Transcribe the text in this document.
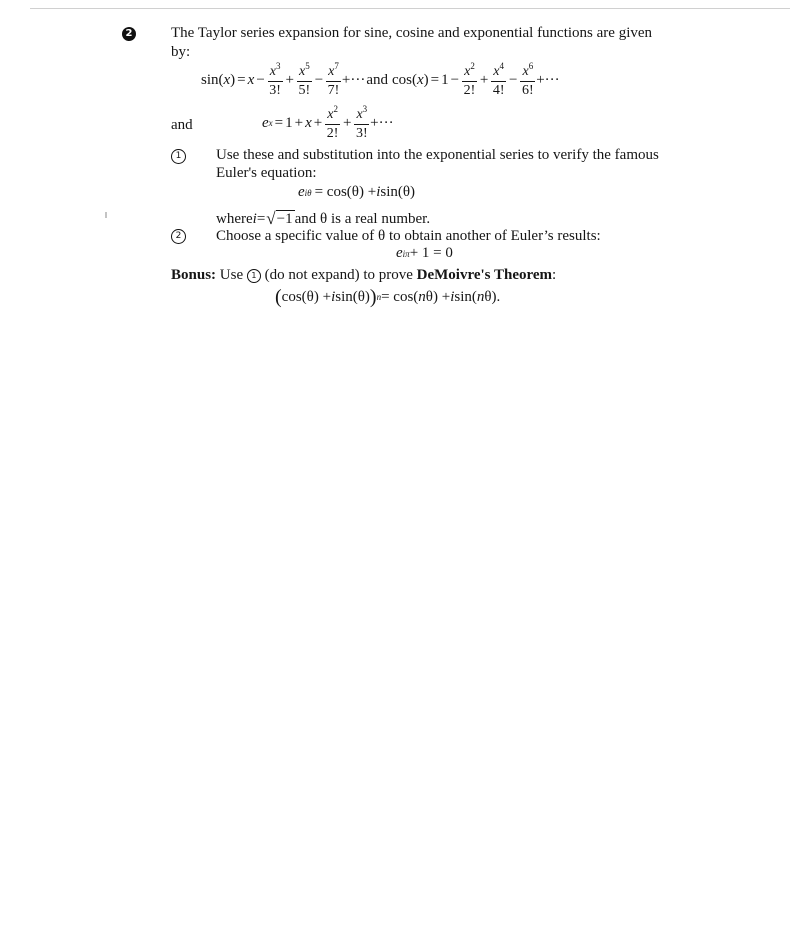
2	The Taylor series expansion for sine, cosine and exponential functions are given
by:
sin( x ) = $x - \frac{x^3}{3!} + \frac{x^5}{5!} - \frac{x^7}{7!}$ +··· and cos( x ) = $1 - \frac{x^2}{2!} + \frac{x^4}{4!} - \frac{x^6}{6!}$ +···
and	e $x = 1 + x + \frac{x^2}{2!} + \frac{x^3}{3!}$ +···
1	Use these and substitution into the exponential series to verify the famous
Euler's equation:
e iθ = cos(θ) + i sin(θ)
where i = √ −1 and θ is a real number.
2	Choose a specific value of θ to obtain another of Euler’s results:
e iπ + 1 = 0
Bonus: Use 1 (do not expand) to prove DeMoivre's Theorem:
( cos(θ) + i sin(θ) ) n = cos( n θ) + i sin( n θ).
